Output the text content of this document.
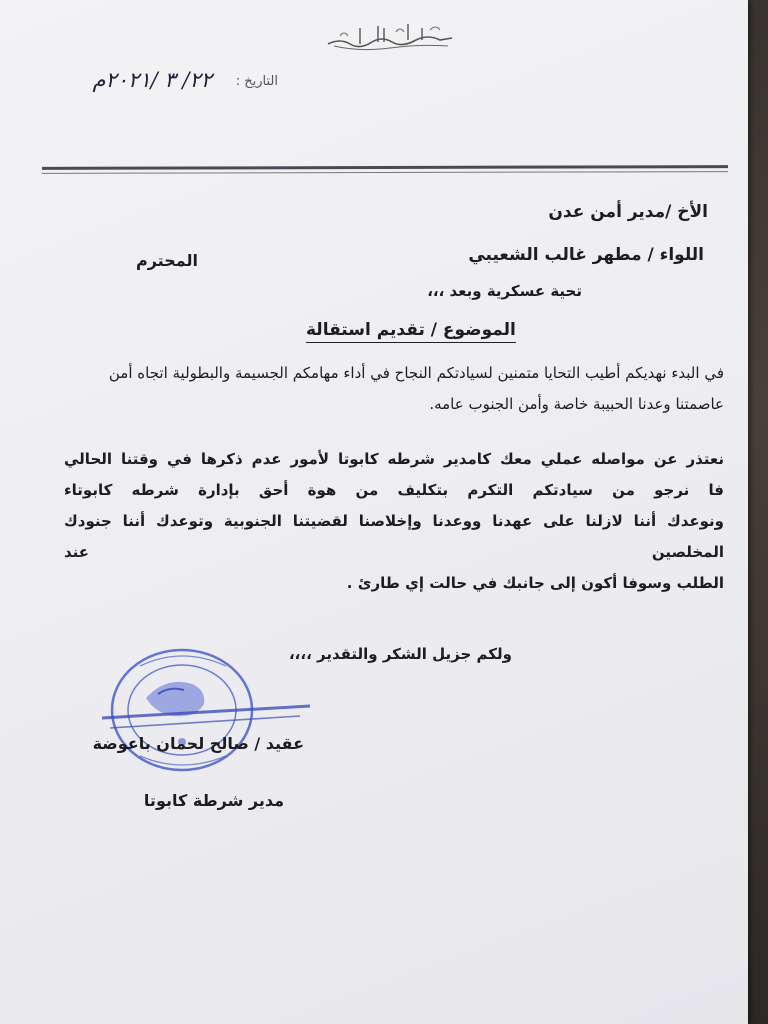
التاريخ :
٢٢/ ٣ /٢٠٢١م
الأخ /مدير أمن عدن
اللواء / مطهر غالب الشعيبي
المحترم
تحية عسكرية وبعد ،،،
الموضوع / تقديم استقالة
في البدء نهديكم أطيب التحايا متمنين لسيادتكم النجاح في أداء مهامكم الجسيمة والبطولية اتجاه أمن عاصمتنا وعدنا الحبيبة خاصة وأمن الجنوب عامه.
نعتذر عن مواصله عملي معك كامدير شرطه كابوتا لأمور عدم ذكرها في وقتنا الحالي
فا نرجو من سيادتكم التكرم بتكليف من هوة أحق بإدارة شرطه كابوتاء
ونوعدك أننا لازلنا على عهدنا ووعدنا وإخلاصنا لقضيتنا الجنوبية وتوعدك أننا جنودك المخلصين عند
الطلب وسوفا أكون إلى جانبك في حالت إي طارئ .
ولكم جزيل الشكر والتقدير ،،،،
عقيد / صالح لحمان باعوضة
مدير شرطة كابوتا
